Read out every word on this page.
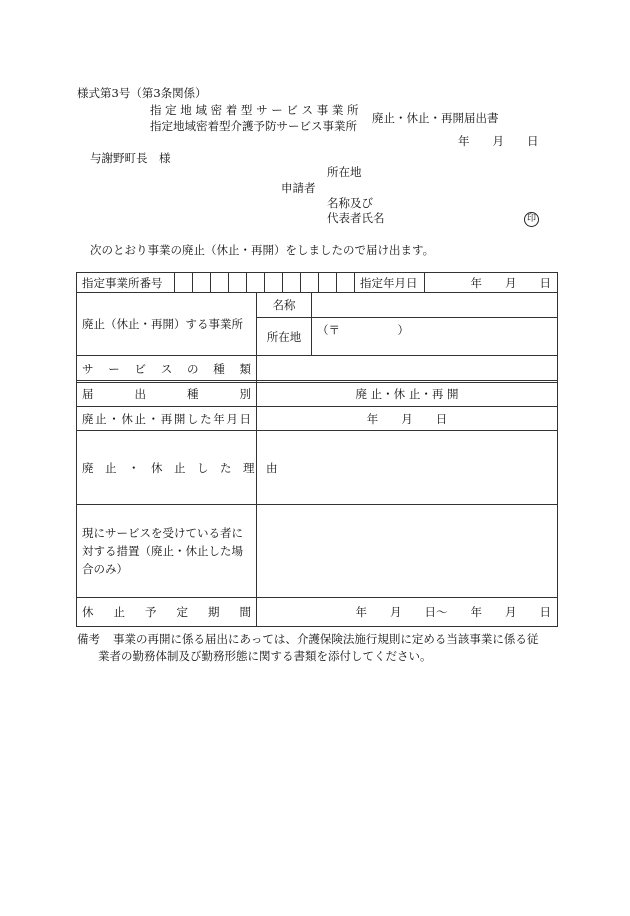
様式第3号（第3条関係）
指 定 地 域 密 着 型 サ ー ビ ス 事 業 所
指定地域密着型介護予防サービス事業所
廃止・休止・再開届出書
年　　月　　日
与謝野町長　様
所在地
申請者
名称及び
代表者氏名	印
次のとおり事業の廃止（休止・再開）をしましたので届け出ます。
指定事業所番号											指定年月日	年　　月　　日
廃止（休止・再開）する事業所	名称	
	所在地	（〒　　　　　）
サ　ー　ビ　ス　の　種　類		
届　出　種　別	廃 止・休 止・再 開
廃止・休止・再開した年月日	年　　月　　日
廃　止　・　休　止　し　た　理　由	
現にサービスを受けている者に対する措置（廃止・休止した場合のみ）	
休　止　予　定　期　間	年　　月　　日〜　　年　　月　　日
備考 事業の再開に係る届出にあっては、介護保険法施行規則に定める当該事業に係る従
業者の勤務体制及び勤務形態に関する書類を添付してください。
